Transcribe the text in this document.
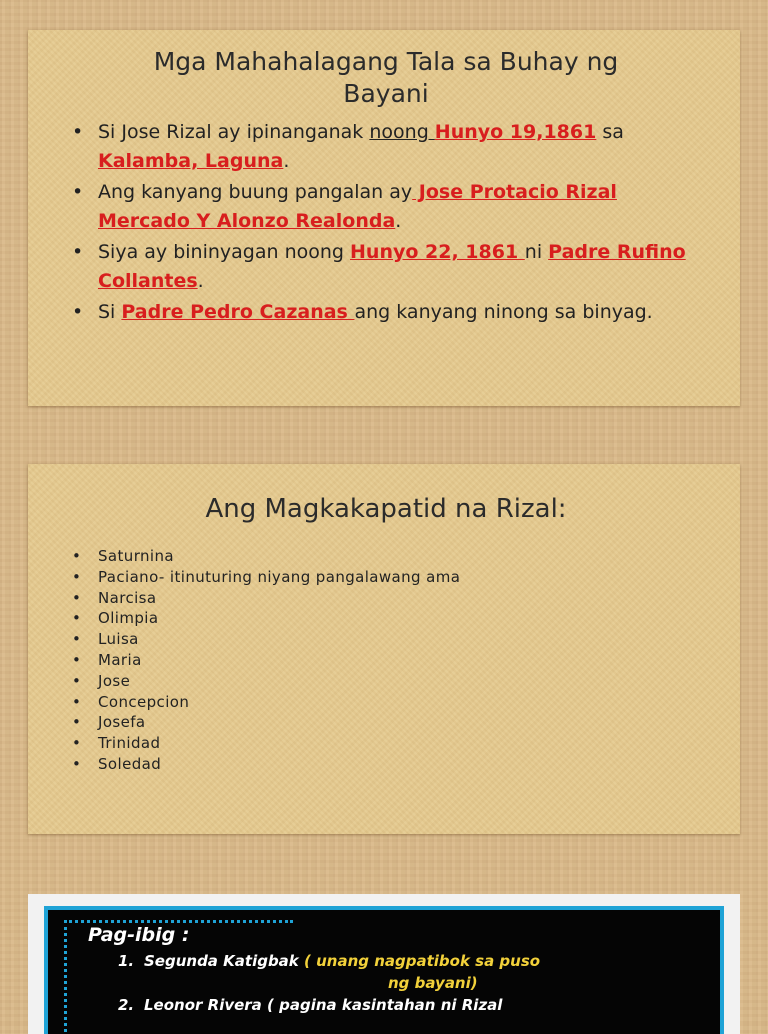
Mga Mahahalagang Tala sa Buhay ng
Bayani
• Si Jose Rizal ay ipinanganak noong Hunyo 19,1861 sa Kalamba, Laguna.
• Ang kanyang buung pangalan ay Jose Protacio Rizal Mercado Y Alonzo Realonda.
• Siya ay bininyagan noong Hunyo 22, 1861 ni Padre Rufino Collantes.
• Si Padre Pedro Cazanas ang kanyang ninong sa binyag.
Ang Magkakapatid na Rizal:
• Saturnina
• Paciano- itinuturing niyang pangalawang ama
• Narcisa
• Olimpia
• Luisa
• Maria
• Jose
• Concepcion
• Josefa
• Trinidad
• Soledad
Pag-ibig :
1. Segunda Katigbak ( unang nagpatibok sa puso
ng bayani)
2. Leonor Rivera ( pagina kasintahan ni Rizal
